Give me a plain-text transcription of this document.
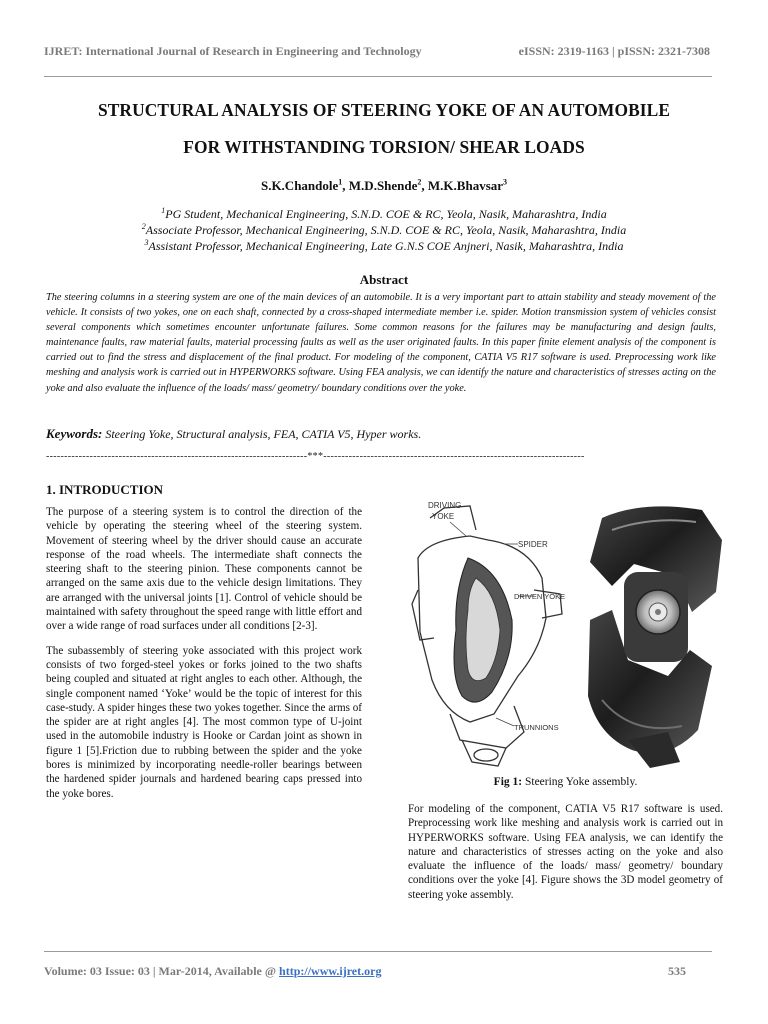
IJRET: International Journal of Research in Engineering and Technology	eISSN: 2319-1163 | pISSN: 2321-7308
STRUCTURAL ANALYSIS OF STEERING YOKE OF AN AUTOMOBILE
FOR WITHSTANDING TORSION/ SHEAR LOADS
S.K.Chandole$^1$, M.D.Shende$^2$, M.K.Bhavsar$^3$
$^1$PG Student, Mechanical Engineering, S.N.D. COE & RC, Yeola, Nasik, Maharashtra, India
$^2$Associate Professor, Mechanical Engineering, S.N.D. COE & RC, Yeola, Nasik, Maharashtra, India
$^3$Assistant Professor, Mechanical Engineering, Late G.N.S COE Anjneri, Nasik, Maharashtra, India
Abstract
The steering columns in a steering system are one of the main devices of an automobile. It is a very important part to attain stability and steady movement of the vehicle. It consists of two yokes, one on each shaft, connected by a cross-shaped intermediate member i.e. spider. Motion transmission system of vehicles consist several components which sometimes encounter unfortunate failures. Some common reasons for the failures may be manufacturing and design faults, maintenance faults, raw material faults, material processing faults as well as the user originated faults. In this paper finite element analysis of the component is carried out to find the stress and displacement of the final product. For modeling of the component, CATIA V5 R17 software is used. Preprocessing work like meshing and analysis work is carried out in HYPERWORKS software. Using FEA analysis, we can identify the nature and characteristics of stresses acting on the yoke and also evaluate the influence of the loads/ mass/ geometry/ boundary conditions over the yoke.
Keywords: Steering Yoke, Structural analysis, FEA, CATIA V5, Hyper works.
------------------------------------------------------------------------***------------------------------------------------------------------------
1. INTRODUCTION

The purpose of a steering system is to control the direction of the vehicle by operating the steering wheel of the steering system. Movement of steering wheel by the driver should cause an accurate response of the road wheels. The intermediate shaft connects the steering shaft to the steering pinion. These components cannot be arranged on the same axis due to the vehicle design limitations. They are arranged with the universal joints [1]. Control of vehicle should be maintained with safety throughout the speed range with little effort and over a wide range of road surfaces under all conditions [2-3].

The subassembly of steering yoke associated with this project work consists of two forged-steel yokes or forks joined to the two shafts being coupled and situated at right angles to each other. Although, the single component named ‘Yoke’ would be the topic of interest for this case-study. A spider hinges these two yokes together. Since the arms of the spider are at right angles [4]. The most common type of U-joint used in the automobile industry is Hooke or Cardan joint as shown in figure 1 [5].Friction due to rubbing between the spider and the yoke bores is minimized by incorporating needle-roller bearings between the hardened spider journals and hardened bearing caps pressed into the yoke bores.

DRIVING
YOKE
SPIDER
DRIVEN YOKE
TRUNNIONS
Fig 1: Steering Yoke assembly.

For modeling of the component, CATIA V5 R17 software is used. Preprocessing work like meshing and analysis work is carried out in HYPERWORKS software. Using FEA analysis, we can identify the nature and characteristics of stresses acting on the yoke and also evaluate the influence of the loads/ mass/ geometry/ boundary conditions over the yoke [4]. Figure shows the 3D model geometry of steering yoke assembly.

Volume: 03 Issue: 03 | Mar-2014, Available @ http://www.ijret.org	535
